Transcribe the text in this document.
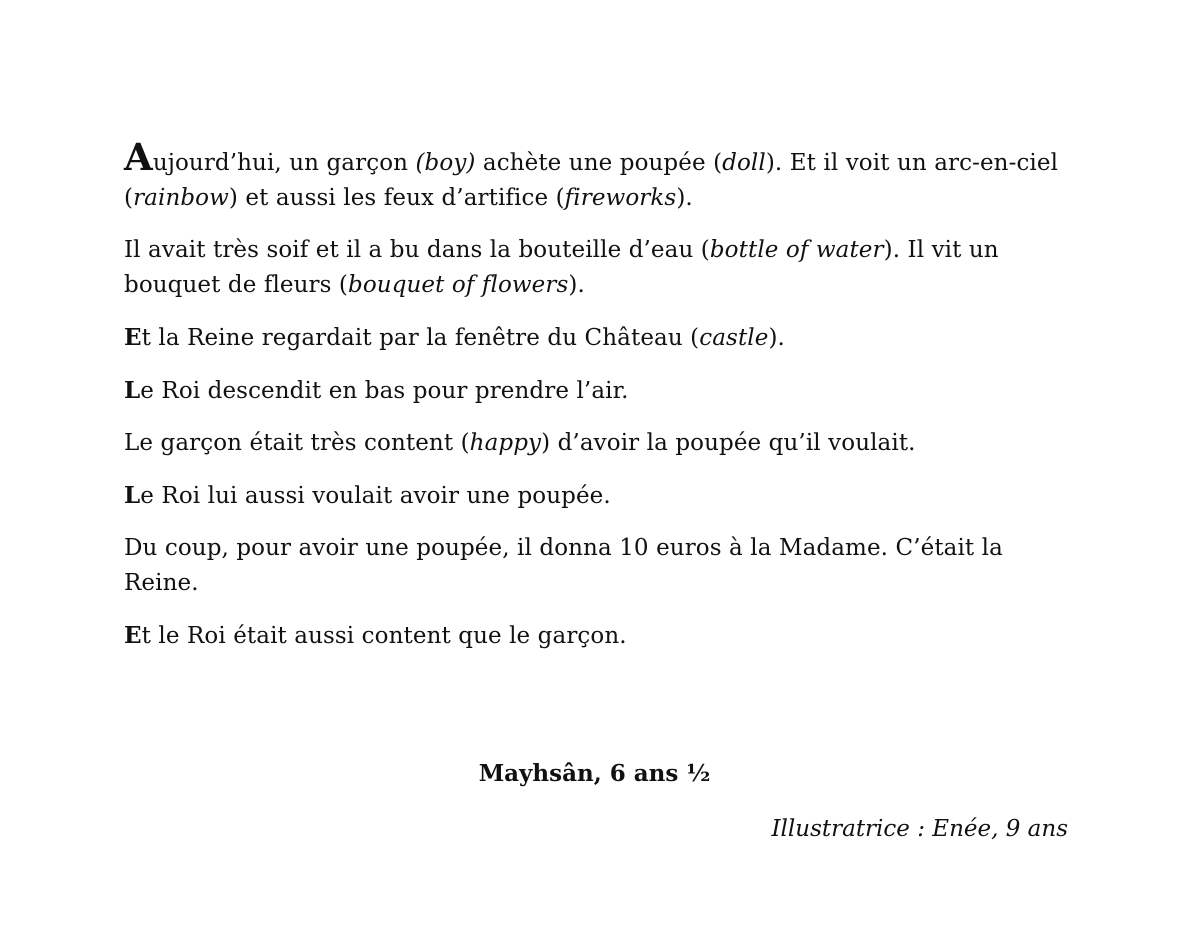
Aujourd’hui, un garçon (boy) achète une poupée (doll). Et il voit un arc-en-ciel (rainbow) et aussi les feux d’artifice (fireworks).

Il avait très soif et il a bu dans la bouteille d’eau (bottle of water). Il vit un bouquet de fleurs (bouquet of flowers).

Et la Reine regardait par la fenêtre du Château (castle).

Le Roi descendit en bas pour prendre l’air.

Le garçon était très content (happy) d’avoir la poupée qu’il voulait.

Le Roi lui aussi voulait avoir une poupée.

Du coup, pour avoir une poupée, il donna 10 euros à la Madame. C’était la Reine.

Et le Roi était aussi content que le garçon.

Mayhsân, 6 ans ½
Illustratrice : Enée, 9 ans
